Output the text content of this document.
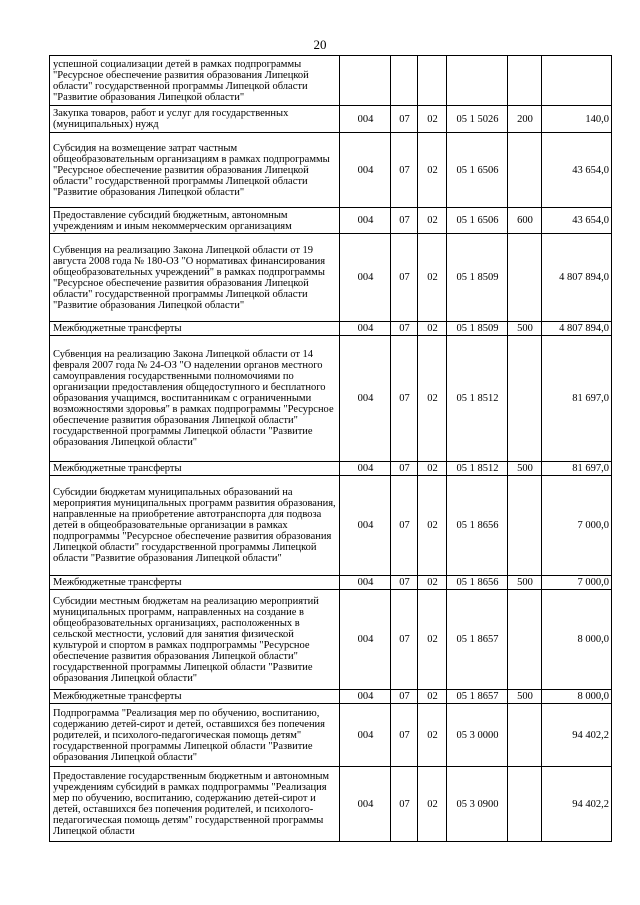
20
успешной социализации детей в рамках подпрограммы "Ресурсное обеспечение развития образования Липецкой области" государственной программы Липецкой области "Развитие образования Липецкой области"						
Закупка товаров, работ и услуг для государственных (муниципальных) нужд	004	07	02	05 1 5026	200	140,0
Субсидия на возмещение затрат частным общеобразовательным организациям в рамках подпрограммы "Ресурсное обеспечение развития образования Липецкой области" государственной программы Липецкой области "Развитие образования Липецкой области"	004	07	02	05 1 6506		43 654,0
Предоставление субсидий бюджетным, автономным учреждениям и иным некоммерческим организациям	004	07	02	05 1 6506	600	43 654,0
Субвенция на реализацию Закона Липецкой области от 19 августа 2008 года № 180-ОЗ "О нормативах финансирования общеобразовательных учреждений" в рамках подпрограммы "Ресурсное обеспечение развития образования Липецкой области" государственной программы Липецкой области "Развитие образования Липецкой области"	004	07	02	05 1 8509		4 807 894,0
Межбюджетные трансферты	004	07	02	05 1 8509	500	4 807 894,0
Субвенция на реализацию Закона Липецкой области от 14 февраля 2007 года № 24-ОЗ "О наделении органов местного самоуправления государственными полномочиями по организации предоставления общедоступного и бесплатного образования учащимся, воспитанникам с ограниченными возможностями здоровья" в рамках подпрограммы "Ресурсное обеспечение развития образования Липецкой области" государственной программы Липецкой области "Развитие образования Липецкой области"	004	07	02	05 1 8512		81 697,0
Межбюджетные трансферты	004	07	02	05 1 8512	500	81 697,0
Субсидии бюджетам муниципальных образований на мероприятия муниципальных программ развития образования, направленные на приобретение автотранспорта для подвоза детей в общеобразовательные организации в рамках подпрограммы "Ресурсное обеспечение развития образования Липецкой области" государственной программы Липецкой области "Развитие образования Липецкой области"	004	07	02	05 1 8656		7 000,0
Межбюджетные трансферты	004	07	02	05 1 8656	500	7 000,0
Субсидии местным бюджетам на реализацию мероприятий муниципальных программ, направленных на создание в общеобразовательных организациях, расположенных в сельской местности, условий для занятия физической культурой и спортом в рамках подпрограммы "Ресурсное обеспечение развития образования Липецкой области" государственной программы Липецкой области "Развитие образования Липецкой области"	004	07	02	05 1 8657		8 000,0
Межбюджетные трансферты	004	07	02	05 1 8657	500	8 000,0
Подпрограмма "Реализация мер по обучению, воспитанию, содержанию детей-сирот и детей, оставшихся без попечения родителей, и психолого-педагогическая помощь детям" государственной программы Липецкой области "Развитие образования Липецкой области"	004	07	02	05 3 0000		94 402,2
Предоставление государственным бюджетным и автономным учреждениям субсидий в рамках подпрограммы "Реализация мер по обучению, воспитанию, содержанию детей-сирот и детей, оставшихся без попечения родителей, и психолого-педагогическая помощь детям" государственной программы Липецкой области	004	07	02	05 3 0900		94 402,2
